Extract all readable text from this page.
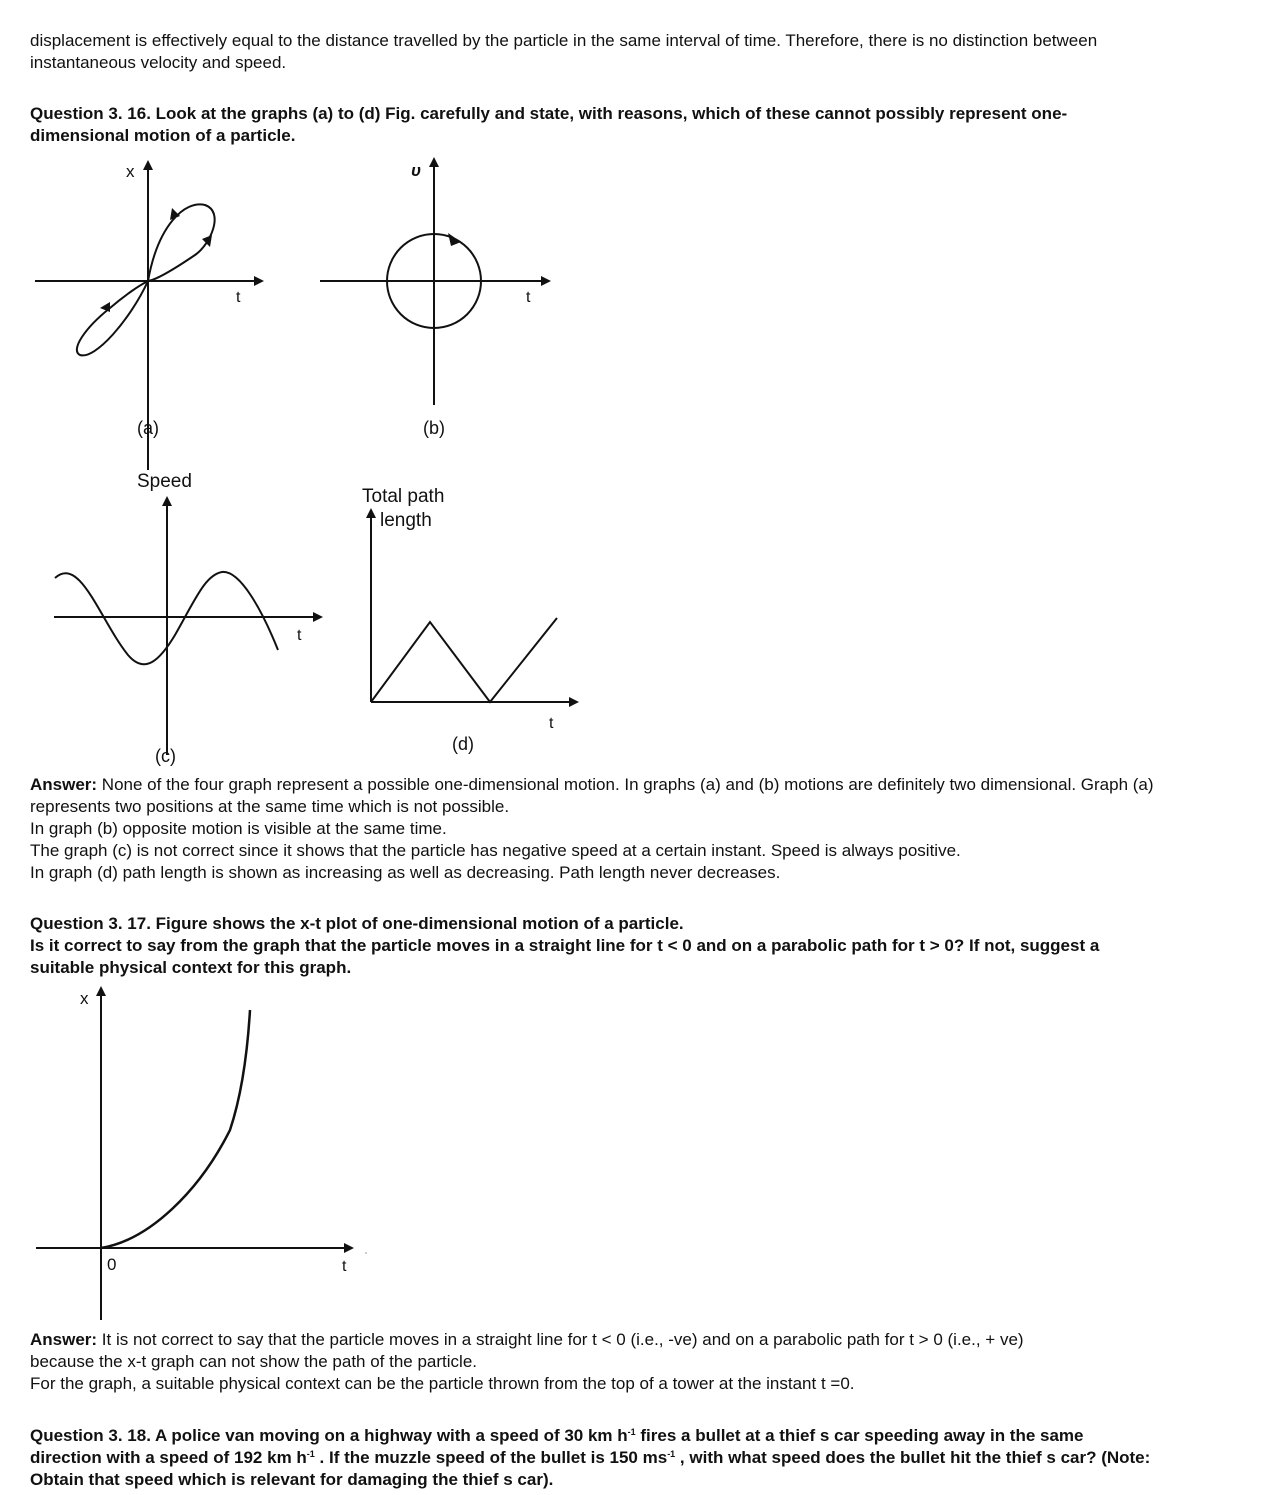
displacement is effectively equal to the distance travelled by the particle in the same interval of time. Therefore, there is no distinction between

instantaneous velocity and speed.

Question 3. 16. Look at the graphs (a) to (d) Fig. carefully and state, with reasons, which of these cannot possibly represent one-

dimensional motion of a particle.

x
t
(a)
υ
t
(b)
Speed
t
(c)
Total path
length
t
(d)

Answer: None of the four graph represent a possible one-dimensional motion. In graphs (a) and (b) motions are definitely two dimensional. Graph (a)

represents two positions at the same time which is not possible.

In graph (b) opposite motion is visible at the same time.

The graph (c) is not correct since it shows that the particle has negative speed at a certain instant. Speed is always positive.

In graph (d) path length is shown as increasing as well as decreasing. Path length never decreases.

Question 3. 17. Figure shows the x-t plot of one-dimensional motion of a particle.

Is it correct to say from the graph that the particle moves in a straight line for t < 0 and on a parabolic path for t > 0? If not, suggest a

suitable physical context for this graph.

x
t
0

Answer: It is not correct to say that the particle moves in a straight line for t < 0 (i.e., -ve) and on a parabolic path for t > 0 (i.e., + ve)

because the x-t graph can not show the path of the particle.

For the graph, a suitable physical context can be the particle thrown from the top of a tower at the instant t =0.

Question 3. 18. A police van moving on a highway with a speed of 30 km $h^{-1}$ fires a bullet at a thief s car speeding away in the same

direction with a speed of 192 km $h^{-1}$ . If the muzzle speed of the bullet is 150 $ms^{-1}$ , with what speed does the bullet hit the thief s car? (Note:

Obtain that speed which is relevant for damaging the thief s car).
